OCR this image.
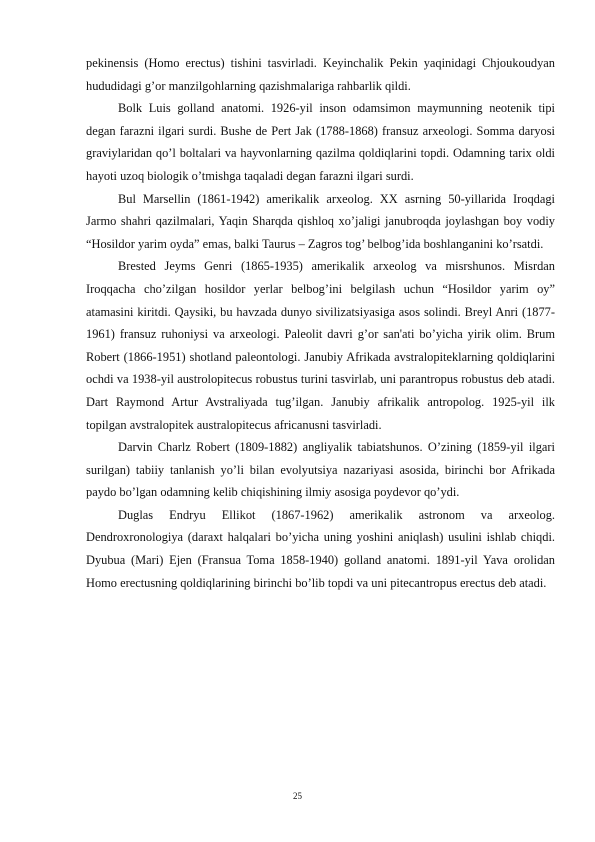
pekinensis (Homo erectus) tishini tasvirladi. Keyinchalik Pekin yaqinidagi Chjoukoudyan hududidagi g’or manzilgohlarning qazishmalariga rahbarlik qildi.

Bolk Luis golland anatomi. 1926-yil inson odamsimon maymunning neotenik tipi degan farazni ilgari surdi. Bushe de Pert Jak (1788-1868) fransuz arxeologi. Somma daryosi graviylaridan qo’l boltalari va hayvonlarning qazilma qoldiqlarini topdi. Odamning tarix oldi hayoti uzoq biologik o’tmishga taqaladi degan farazni ilgari surdi.

Bul Marsellin (1861-1942) amerikalik arxeolog. XX asrning 50-yillarida Iroqdagi Jarmo shahri qazilmalari, Yaqin Sharqda qishloq xo’jaligi janubroqda joylashgan boy vodiy “Hosildor yarim oyda” emas, balki Taurus – Zagros tog’ belbog’ida boshlanganini ko’rsatdi.

Brested Jeyms Genri (1865-1935) amerikalik arxeolog va misrshunos. Misrdan Iroqqacha cho’zilgan hosildor yerlar belbog’ini belgilash uchun “Hosildor yarim oy” atamasini kiritdi. Qaysiki, bu havzada dunyo sivilizatsiyasiga asos solindi. Breyl Anri (1877-1961) fransuz ruhoniysi va arxeologi. Paleolit davri g’or san'ati bo’yicha yirik olim. Brum Robert (1866-1951) shotland paleontologi. Janubiy Afrikada avstralopiteklarning qoldiqlarini ochdi va 1938-yil austrolopitecus robustus turini tasvirlab, uni parantropus robustus deb atadi. Dart Raymond Artur Avstraliyada tug’ilgan. Janubiy afrikalik antropolog. 1925-yil ilk topilgan avstralopitek australopitecus africanusni tasvirladi.

Darvin Charlz Robert (1809-1882) angliyalik tabiatshunos. O’zining (1859-yil ilgari surilgan) tabiiy tanlanish yo’li bilan evolyutsiya nazariyasi asosida, birinchi bor Afrikada paydo bo’lgan odamning kelib chiqishining ilmiy asosiga poydevor qo’ydi.

Duglas Endryu Ellikot (1867-1962) amerikalik astronom va arxeolog. Dendroxronologiya (daraxt halqalari bo’yicha uning yoshini aniqlash) usulini ishlab chiqdi. Dyubua (Mari) Ejen (Fransua Toma 1858-1940) golland anatomi. 1891-yil Yava orolidan Homo erectusning qoldiqlarining birinchi bo’lib topdi va uni pitecantropus erectus deb atadi.

25
